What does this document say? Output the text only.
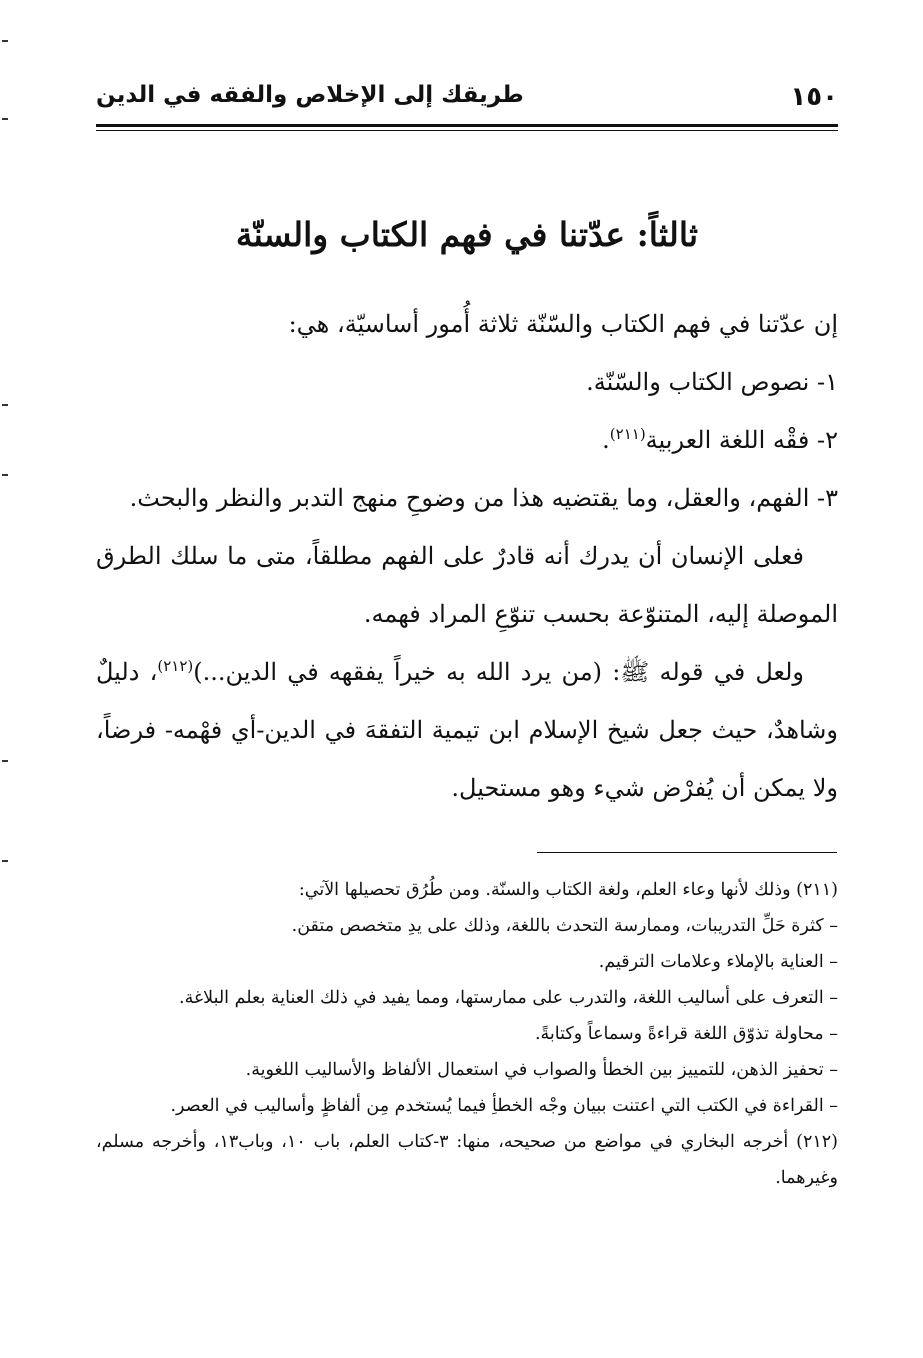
١٥٠
طريقك إلى الإخلاص والفقه في الدين
ثالثاً: عدّتنا في فهم الكتاب والسنّة

إن عدّتنا في فهم الكتاب والسّنّة ثلاثة أُمور أساسيّة، هي:

١- نصوص الكتاب والسّنّة.

٢- فقْه اللغة العربية$^{(٢١١)}$.

٣- الفهم، والعقل، وما يقتضيه هذا من وضوحِ منهج التدبر والنظر والبحث.

فعلى الإنسان أن يدرك أنه قادرٌ على الفهم مطلقاً، متى ما سلك الطرق الموصلة إليه، المتنوّعة بحسب تنوّعِ المراد فهمه.

ولعل في قوله ﷺ: (من يرد الله به خيراً يفقهه في الدين...)$^{(٢١٢)}$، دليلٌ وشاهدٌ، حيث جعل شيخ الإسلام ابن تيمية التفقهَ في الدين-أي فهْمه- فرضاً، ولا يمكن أن يُفرْض شيء وهو مستحيل.

(٢١١) وذلك لأنها وعاء العلم، ولغة الكتاب والسنّة. ومن طُرُق تحصيلها الآتي:

– كثرة حَلِّ التدريبات، وممارسة التحدث باللغة، وذلك على يدِ متخصص متقن.

– العناية بالإملاء وعلامات الترقيم.

– التعرف على أساليب اللغة، والتدرب على ممارستها، ومما يفيد في ذلك العناية بعلم البلاغة.

– محاولة تذوّق اللغة قراءةً وسماعاً وكتابةً.

– تحفيز الذهن، للتمييز بين الخطأ والصواب في استعمال الألفاظ والأساليب اللغوية.

– القراءة في الكتب التي اعتنت ببيان وجْه الخطأِ فيما يُستخدم مِن ألفاظٍ وأساليب في العصر.

(٢١٢) أخرجه البخاري في مواضع من صحيحه، منها: ٣-كتاب العلم، باب ١٠، وباب١٣، وأخرجه مسلم، وغيرهما.
